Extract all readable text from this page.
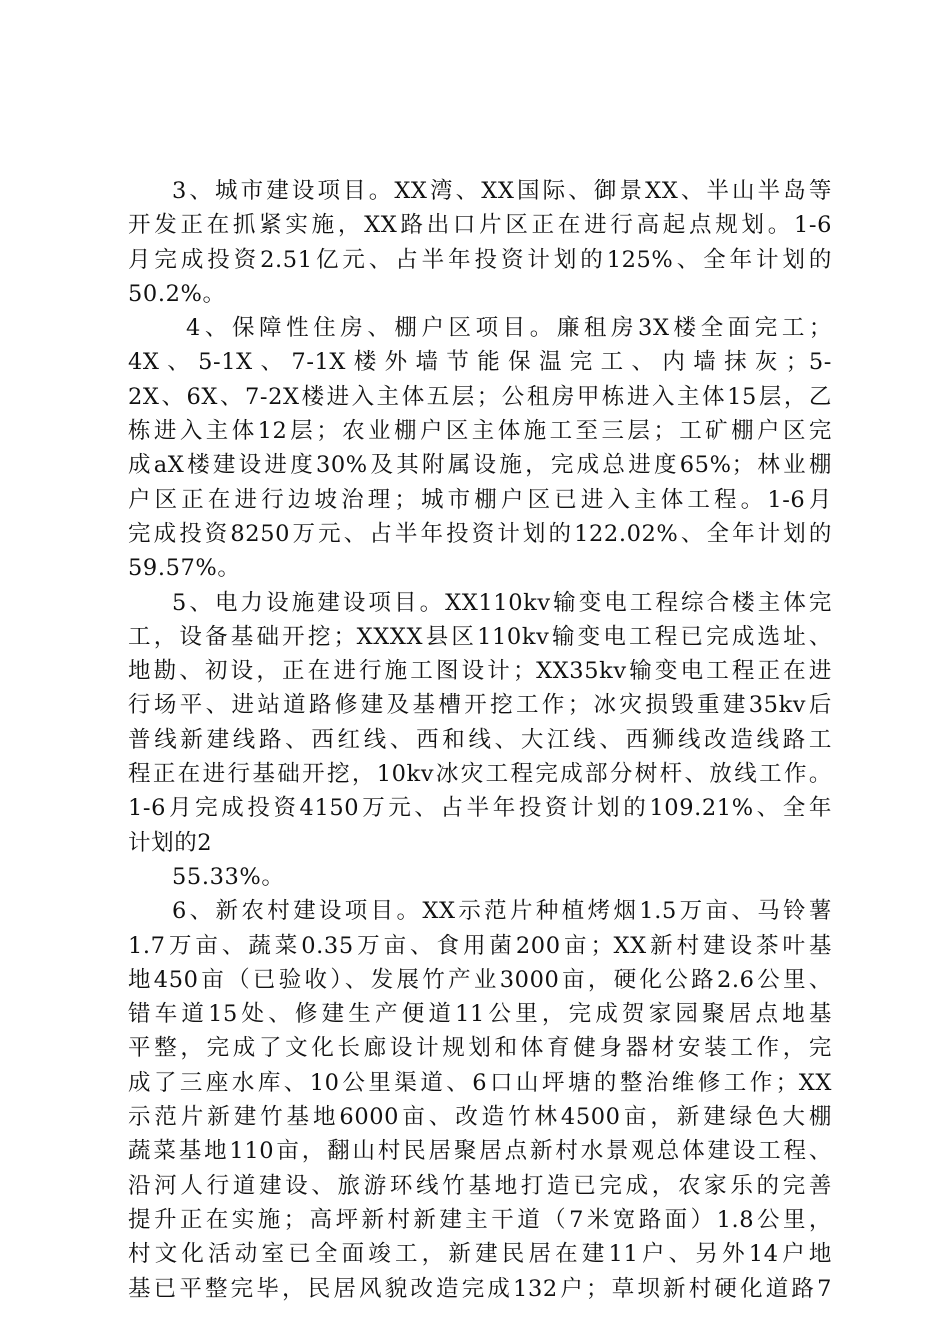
3、城市建设项目。XX湾、XX国际、御景XX、半山半岛等
开发正在抓紧实施，XX路出口片区正在进行高起点规划。1-6
月完成投资2.51亿元、占半年投资计划的125%、全年计划的
50.2%。
4、保障性住房、棚户区项目。廉租房3X楼全面完工；
4X、5-1X、7-1X楼外墙节能保温完工、内墙抹灰；5-
2X、6X、7-2X楼进入主体五层；公租房甲栋进入主体15层，乙
栋进入主体12层；农业棚户区主体施工至三层；工矿棚户区完
成aX楼建设进度30%及其附属设施，完成总进度65%；林业棚
户区正在进行边坡治理；城市棚户区已进入主体工程。1-6月
完成投资8250万元、占半年投资计划的122.02%、全年计划的
59.57%。
5、电力设施建设项目。XX110kv输变电工程综合楼主体完
工，设备基础开挖；XXXX县区110kv输变电工程已完成选址、
地勘、初设，正在进行施工图设计；XX35kv输变电工程正在进
行场平、进站道路修建及基槽开挖工作；冰灾损毁重建35kv后
普线新建线路、西红线、西和线、大江线、西狮线改造线路工
程正在进行基础开挖，10kv冰灾工程完成部分树杆、放线工作。
1-6月完成投资4150万元、占半年投资计划的109.21%、全年
计划的2
55.33%。
6、新农村建设项目。XX示范片种植烤烟1.5万亩、马铃薯
1.7万亩、蔬菜0.35万亩、食用菌200亩；XX新村建设茶叶基
地450亩（已验收）、发展竹产业3000亩，硬化公路2.6公里、
错车道15处、修建生产便道11公里，完成贺家园聚居点地基
平整，完成了文化长廊设计规划和体育健身器材安装工作，完
成了三座水库、10公里渠道、6口山坪塘的整治维修工作；XX
示范片新建竹基地6000亩、改造竹林4500亩，新建绿色大棚
蔬菜基地110亩，翻山村民居聚居点新村水景观总体建设工程、
沿河人行道建设、旅游环线竹基地打造已完成，农家乐的完善
提升正在实施；高坪新村新建主干道（7米宽路面）1.8公里，
村文化活动室已全面竣工，新建民居在建11户、另外14户地
基已平整完毕，民居风貌改造完成132户；草坝新村硬化道路7
